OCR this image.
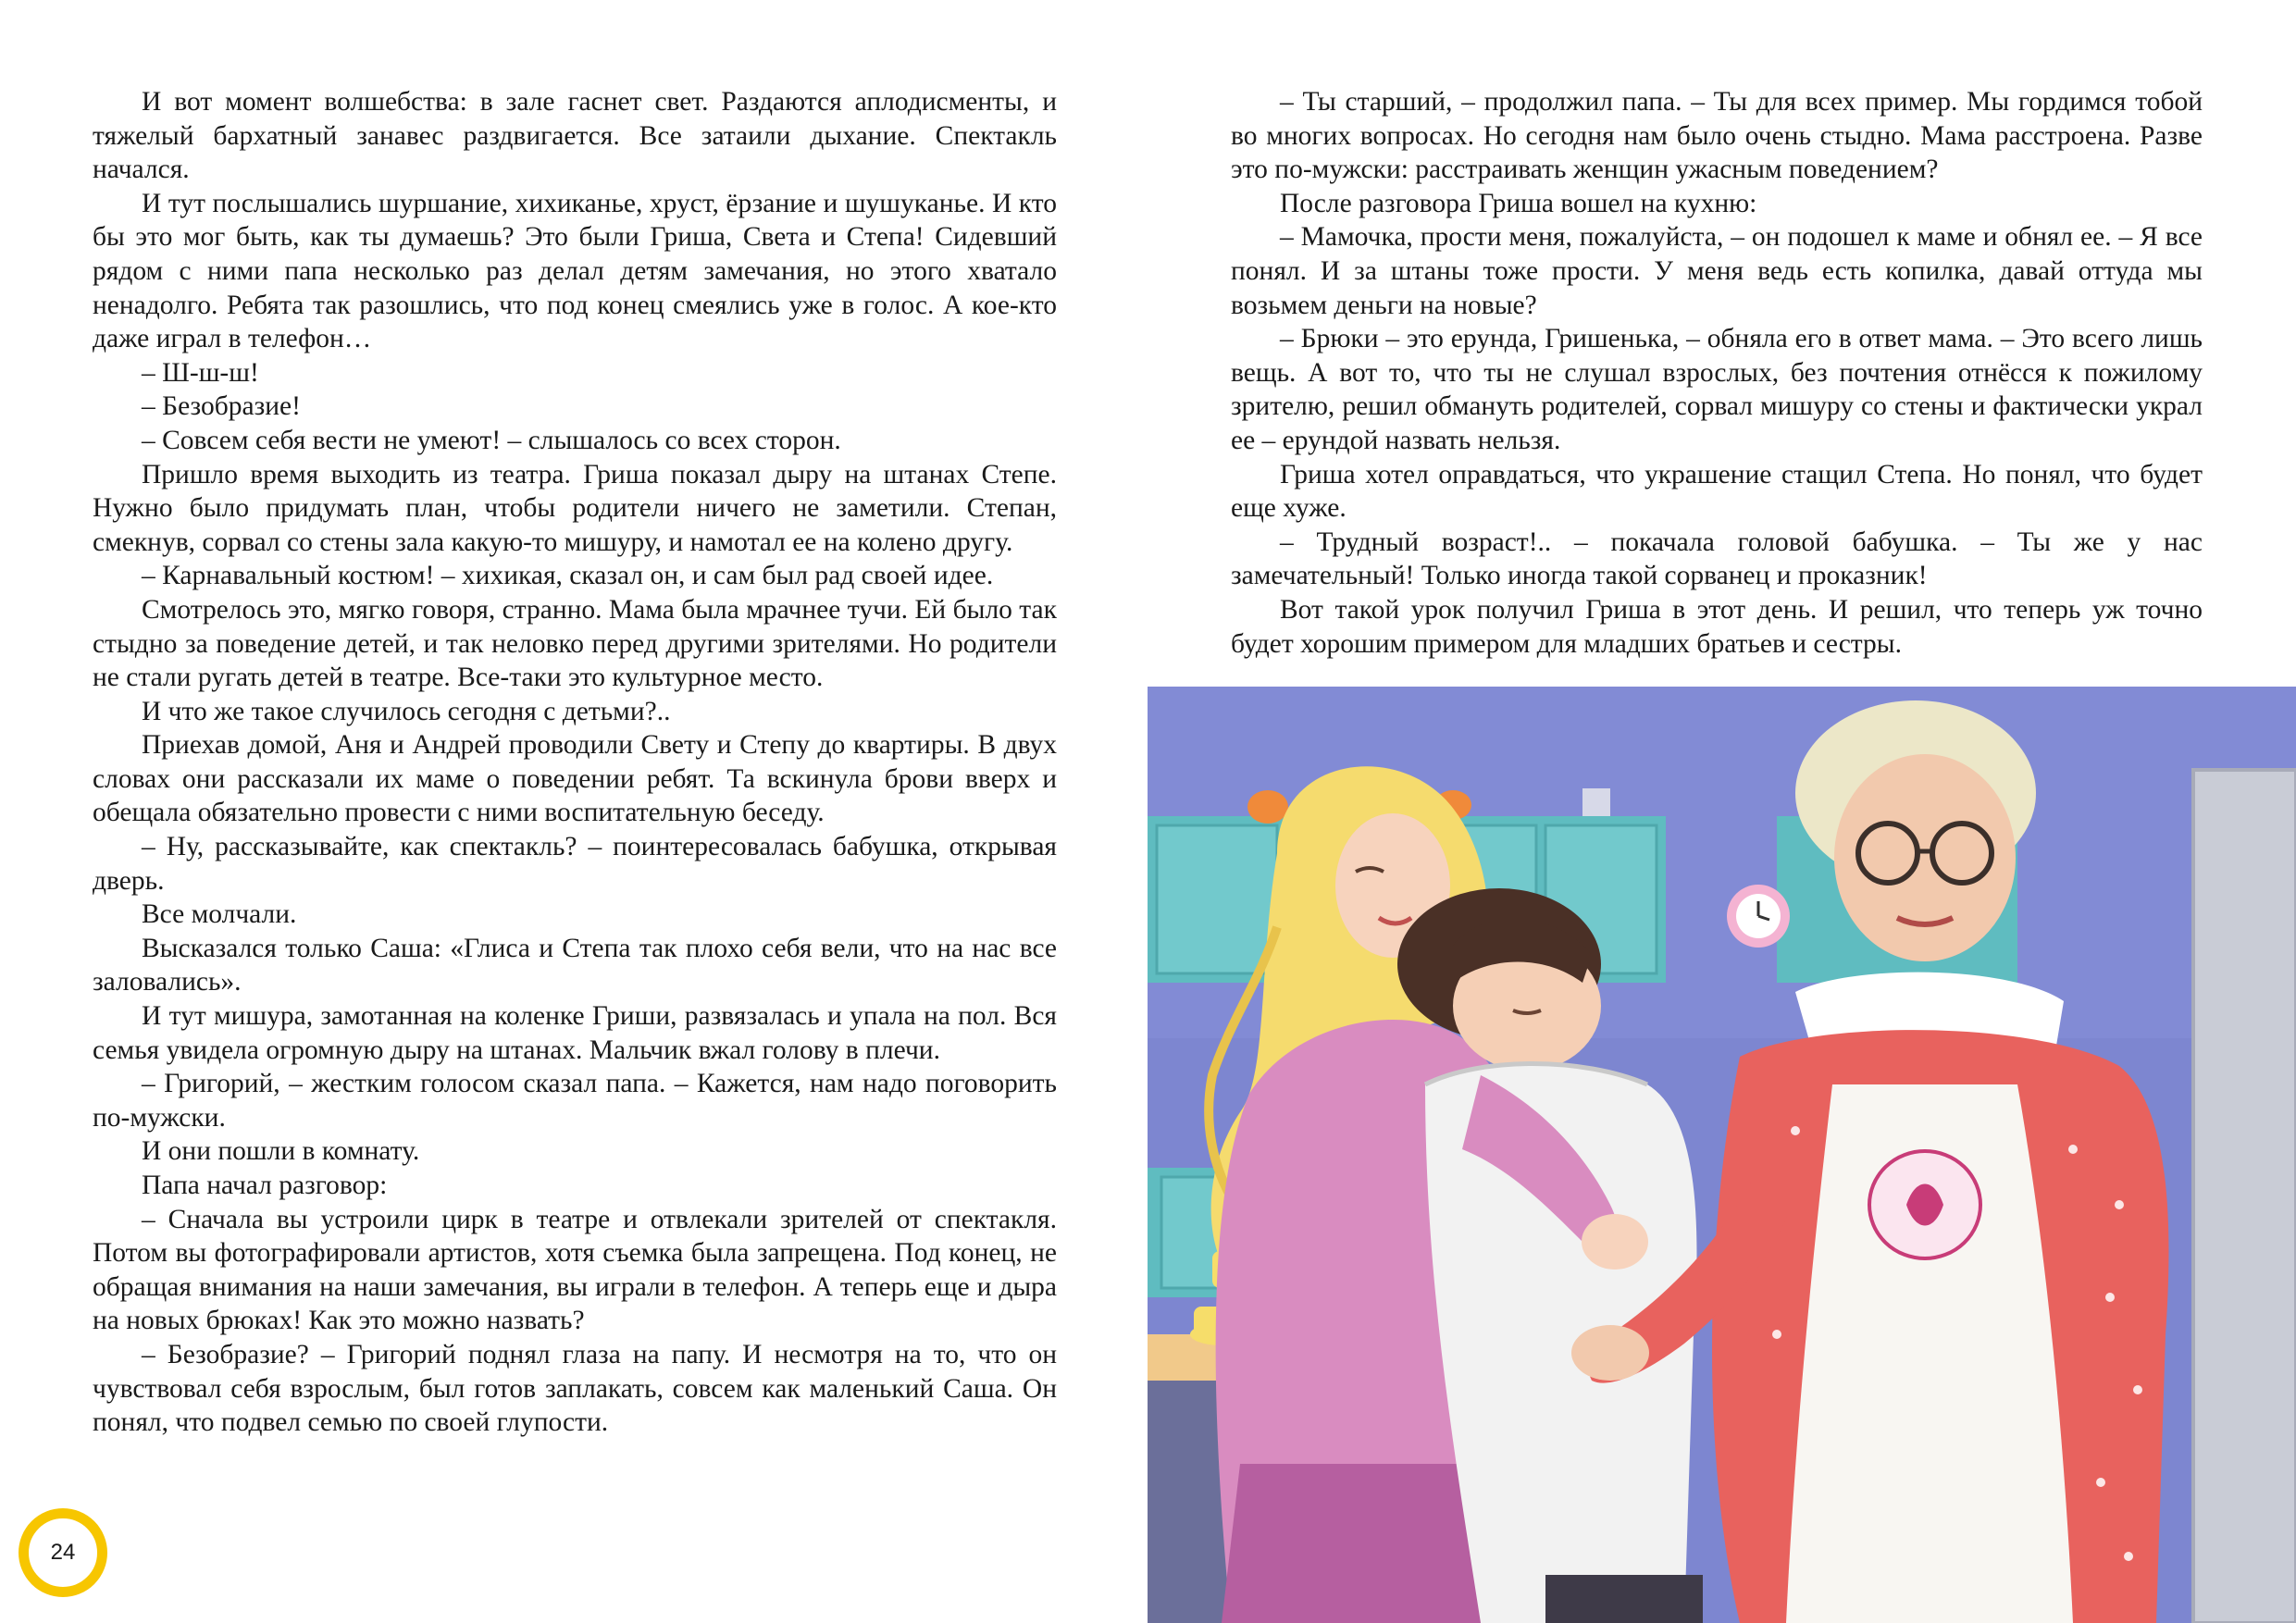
И вот момент волшебства: в зале гаснет свет. Раздаются аплодисменты, и тяжелый бархатный занавес раздвигается. Все затаили дыхание. Спектакль начался.

И тут послышались шуршание, хихиканье, хруст, ёрзание и шушуканье. И кто бы это мог быть, как ты думаешь? Это были Гриша, Света и Степа! Сидевший рядом с ними папа несколько раз делал детям замечания, но этого хватало ненадолго. Ребята так разошлись, что под конец смеялись уже в голос. А кое-кто даже играл в телефон…

– Ш-ш-ш!

– Безобразие!

– Совсем себя вести не умеют! – слышалось со всех сторон.

Пришло время выходить из театра. Гриша показал дыру на штанах Степе. Нужно было придумать план, чтобы родители ничего не заметили. Степан, смекнув, сорвал со стены зала какую-то мишуру, и намотал ее на колено другу.

– Карнавальный костюм! – хихикая, сказал он, и сам был рад своей идее.

Смотрелось это, мягко говоря, странно. Мама была мрачнее тучи. Ей было так стыдно за поведение детей, и так неловко перед другими зрителями. Но родители не стали ругать детей в театре. Все-таки это культурное место.

И что же такое случилось сегодня с детьми?..

Приехав домой, Аня и Андрей проводили Свету и Степу до квартиры. В двух словах они рассказали их маме о поведении ребят. Та вскинула брови вверх и обещала обязательно провести с ними воспитательную беседу.

– Ну, рассказывайте, как спектакль? – поинтересовалась бабушка, открывая дверь.

Все молчали.

Высказался только Саша: «Глиса и Степа так плохо себя вели, что на нас все заловались».

И тут мишура, замотанная на коленке Гриши, развязалась и упала на пол. Вся семья увидела огромную дыру на штанах. Мальчик вжал голову в плечи.

– Григорий, – жестким голосом сказал папа. – Кажется, нам надо поговорить по-мужски.

И они пошли в комнату.

Папа начал разговор:

– Сначала вы устроили цирк в театре и отвлекали зрителей от спектакля. Потом вы фотографировали артистов, хотя съемка была запрещена. Под конец, не обращая внимания на наши замечания, вы играли в телефон. А теперь еще и дыра на новых брюках! Как это можно назвать?

– Безобразие? – Григорий поднял глаза на папу. И несмотря на то, что он чувствовал себя взрослым, был готов заплакать, совсем как маленький Саша. Он понял, что подвел семью по своей глупости.

– Ты старший, – продолжил папа. – Ты для всех пример. Мы гордимся тобой во многих вопросах. Но сегодня нам было очень стыдно. Мама расстроена. Разве это по-мужски: расстраивать женщин ужасным поведением?

После разговора Гриша вошел на кухню:

– Мамочка, прости меня, пожалуйста, – он подошел к маме и обнял ее. – Я все понял. И за штаны тоже прости. У меня ведь есть копилка, давай оттуда мы возьмем деньги на новые?

– Брюки – это ерунда, Гришенька, – обняла его в ответ мама. – Это всего лишь вещь. А вот то, что ты не слушал взрослых, без почтения отнёсся к пожилому зрителю, решил обмануть родителей, сорвал мишуру со стены и фактически украл ее – ерундой назвать нельзя.

Гриша хотел оправдаться, что украшение стащил Степа. Но понял, что будет еще хуже.

– Трудный возраст!.. – покачала головой бабушка. – Ты же у нас замечательный! Только иногда такой сорванец и проказник!

Вот такой урок получил Гриша в этот день. И решил, что теперь уж точно будет хорошим примером для младших братьев и сестры.

24
